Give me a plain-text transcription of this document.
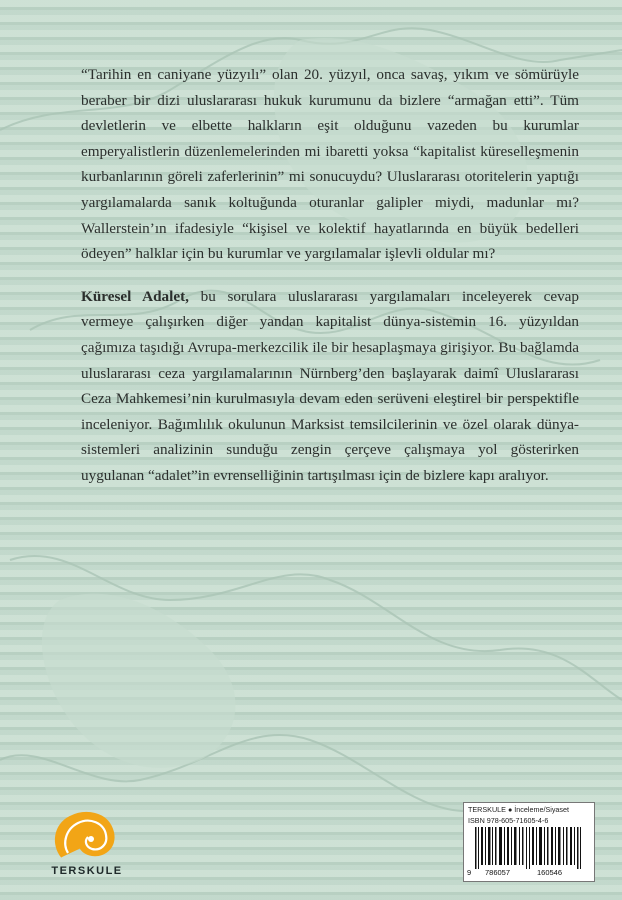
“Tarihin en caniyane yüzyılı” olan 20. yüzyıl, onca savaş, yıkım ve sömürüyle beraber bir dizi uluslararası hukuk kurumunu da bizlere “armağan etti”. Tüm devletlerin ve elbette halkların eşit olduğunu vazeden bu kurumlar emperyalistlerin düzenlemelerinden mi ibaretti yoksa “kapitalist küreselleşmenin kurbanlarının göreli zaferlerinin” mi sonucuydu? Uluslararası otoritelerin yaptığı yargılamalarda sanık koltuğunda oturanlar galipler miydi, madunlar mı? Wallerstein’ın ifadesiyle “kişisel ve kolektif hayatlarında en büyük bedelleri ödeyen” halklar için bu kurumlar ve yargılamalar işlevli oldular mı?

Küresel Adalet, bu sorulara uluslararası yargılamaları inceleyerek cevap vermeye çalışırken diğer yandan kapitalist dünya-sistemin 16. yüzyıldan çağımıza taşıdığı Avrupa-merkezcilik ile bir hesaplaşmaya girişiyor. Bu bağlamda uluslararası ceza yargılamalarının Nürnberg’den başlayarak daimî Uluslararası Ceza Mahkemesi’nin kurulmasıyla devam eden serüveni eleştirel bir perspektifle inceleniyor. Bağımlılık okulunun Marksist temsilcilerinin ve özel olarak dünya-sistemleri analizinin sunduğu zengin çerçeve çalışmaya yol gösterirken uygulanan “adalet”in evrenselliğinin tartışılması için de bizlere kapı aralıyor.

TERSKULE
TERSKULE ● İnceleme/Siyaset
ISBN 978-605-71605-4-6
9 786057	160546
